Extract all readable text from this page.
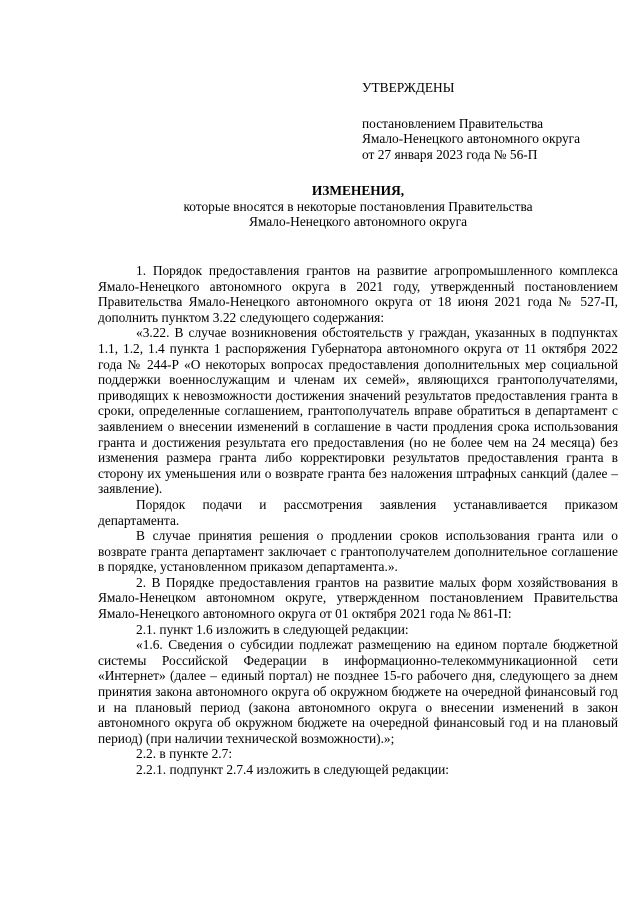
УТВЕРЖДЕНЫ
постановлением Правительства
Ямало-Ненецкого автономного округа
от 27 января 2023 года № 56-П
ИЗМЕНЕНИЯ,
которые вносятся в некоторые постановления Правительства
Ямало-Ненецкого автономного округа

1. Порядок предоставления грантов на развитие агропромышленного комплекса Ямало-Ненецкого автономного округа в 2021 году, утвержденный постановлением Правительства Ямало-Ненецкого автономного округа от 18 июня 2021 года № 527-П, дополнить пунктом 3.22 следующего содержания:

«3.22. В случае возникновения обстоятельств у граждан, указанных в подпунктах 1.1, 1.2, 1.4 пункта 1 распоряжения Губернатора автономного округа от 11 октября 2022 года № 244-Р «О некоторых вопросах предоставления дополнительных мер социальной поддержки военнослужащим и членам их семей», являющихся грантополучателями, приводящих к невозможности достижения значений результатов предоставления гранта в сроки, определенные соглашением, грантополучатель вправе обратиться в департамент с заявлением о внесении изменений в соглашение в части продления срока использования гранта и достижения результата его предоставления (но не более чем на 24 месяца) без изменения размера гранта либо корректировки результатов предоставления гранта в сторону их уменьшения или о возврате гранта без наложения штрафных санкций (далее – заявление).

Порядок подачи и рассмотрения заявления устанавливается приказом департамента.

В случае принятия решения о продлении сроков использования гранта или о возврате гранта департамент заключает с грантополучателем дополнительное соглашение в порядке, установленном приказом департамента.».

2. В Порядке предоставления грантов на развитие малых форм хозяйствования в Ямало-Ненецком автономном округе, утвержденном постановлением Правительства Ямало-Ненецкого автономного округа от 01 октября 2021 года № 861-П:

2.1. пункт 1.6 изложить в следующей редакции:

«1.6. Сведения о субсидии подлежат размещению на едином портале бюджетной системы Российской Федерации в информационно-телекоммуникационной сети «Интернет» (далее – единый портал) не позднее 15-го рабочего дня, следующего за днем принятия закона автономного округа об окружном бюджете на очередной финансовый год и на плановый период (закона автономного округа о внесении изменений в закон автономного округа об окружном бюджете на очередной финансовый год и на плановый период) (при наличии технической возможности).»;

2.2. в пункте 2.7:

2.2.1. подпункт 2.7.4 изложить в следующей редакции:
